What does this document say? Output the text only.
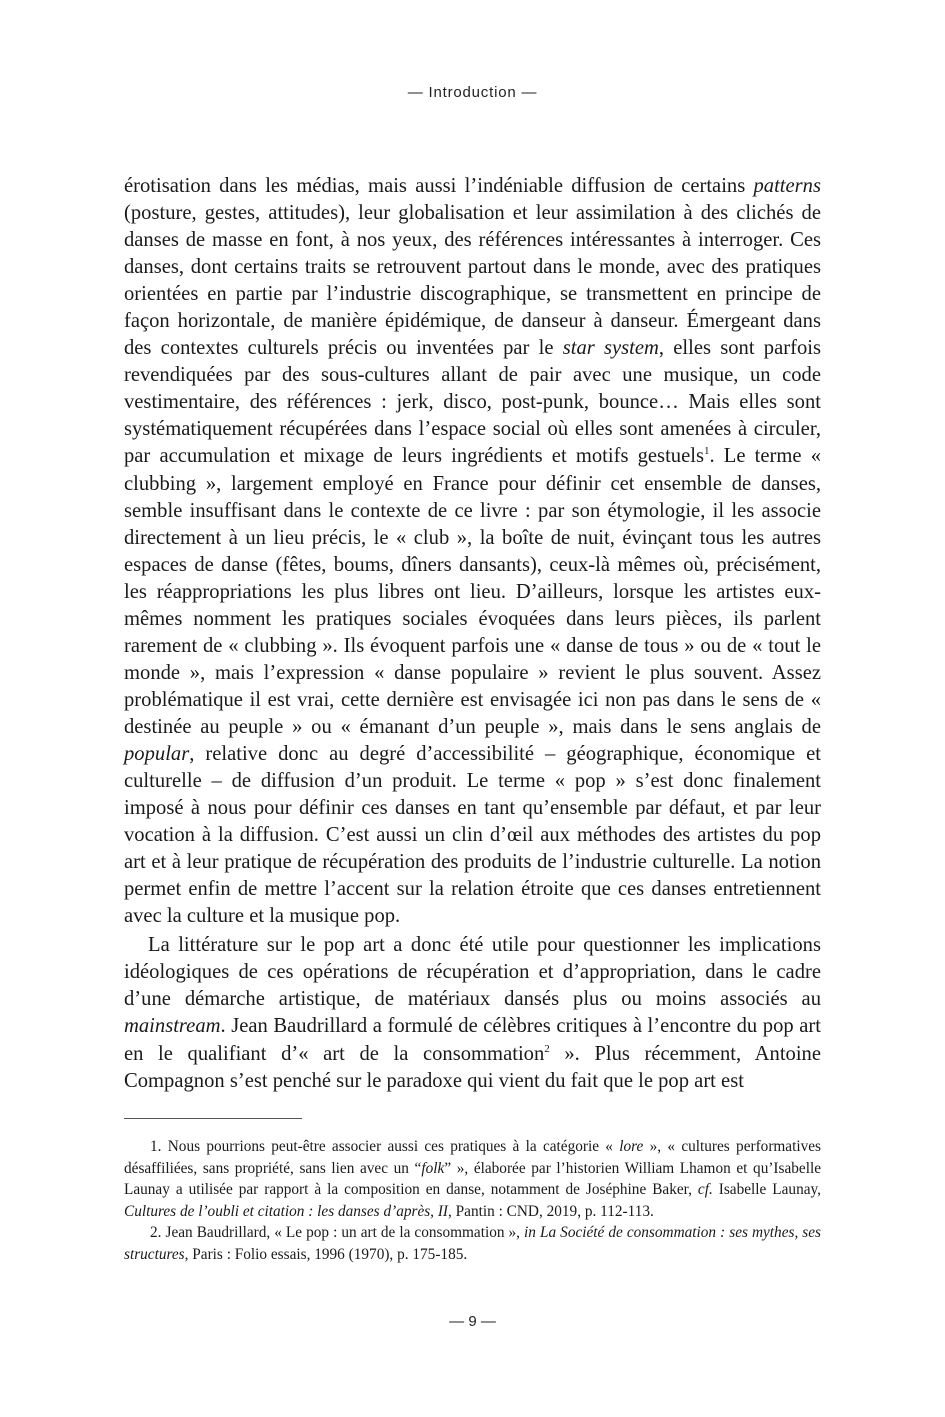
— Introduction —

érotisation dans les médias, mais aussi l’indéniable diffusion de certains patterns (posture, gestes, attitudes), leur globalisation et leur assimilation à des clichés de danses de masse en font, à nos yeux, des références intéressantes à interroger. Ces danses, dont certains traits se retrouvent partout dans le monde, avec des pratiques orientées en partie par l’industrie discographique, se transmettent en principe de façon horizontale, de manière épidémique, de danseur à danseur. Émergeant dans des contextes culturels précis ou inventées par le star system, elles sont parfois revendiquées par des sous-cultures allant de pair avec une musique, un code vestimentaire, des références : jerk, disco, post-punk, bounce… Mais elles sont systématiquement récupérées dans l’espace social où elles sont amenées à circuler, par accumulation et mixage de leurs ingrédients et motifs gestuels$^1$. Le terme « clubbing », largement employé en France pour définir cet ensemble de danses, semble insuffisant dans le contexte de ce livre : par son étymologie, il les associe directement à un lieu précis, le « club », la boîte de nuit, évinçant tous les autres espaces de danse (fêtes, boums, dîners dansants), ceux-là mêmes où, précisément, les réappropriations les plus libres ont lieu. D’ailleurs, lorsque les artistes eux-mêmes nomment les pratiques sociales évoquées dans leurs pièces, ils parlent rarement de « clubbing ». Ils évoquent parfois une « danse de tous » ou de « tout le monde », mais l’expression « danse populaire » revient le plus souvent. Assez problématique il est vrai, cette dernière est envisagée ici non pas dans le sens de « destinée au peuple » ou « émanant d’un peuple », mais dans le sens anglais de popular, relative donc au degré d’accessibilité – géographique, économique et culturelle – de diffusion d’un produit. Le terme « pop » s’est donc finalement imposé à nous pour définir ces danses en tant qu’ensemble par défaut, et par leur vocation à la diffusion. C’est aussi un clin d’œil aux méthodes des artistes du pop art et à leur pratique de récupération des produits de l’industrie culturelle. La notion permet enfin de mettre l’accent sur la relation étroite que ces danses entretiennent avec la culture et la musique pop.

La littérature sur le pop art a donc été utile pour questionner les implications idéologiques de ces opérations de récupération et d’appropriation, dans le cadre d’une démarche artistique, de matériaux dansés plus ou moins associés au mainstream. Jean Baudrillard a formulé de célèbres critiques à l’encontre du pop art en le qualifiant d’« art de la consommation$^2$ ». Plus récemment, Antoine Compagnon s’est penché sur le paradoxe qui vient du fait que le pop art est

1. Nous pourrions peut-être associer aussi ces pratiques à la catégorie « lore », « cultures performatives désaffiliées, sans propriété, sans lien avec un “folk” », élaborée par l’historien William Lhamon et qu’Isabelle Launay a utilisée par rapport à la composition en danse, notamment de Joséphine Baker, cf. Isabelle Launay, Cultures de l’oubli et citation : les danses d’après, II, Pantin : CND, 2019, p. 112-113.

2. Jean Baudrillard, « Le pop : un art de la consommation », in La Société de consommation : ses mythes, ses structures, Paris : Folio essais, 1996 (1970), p. 175-185.

— 9 —
